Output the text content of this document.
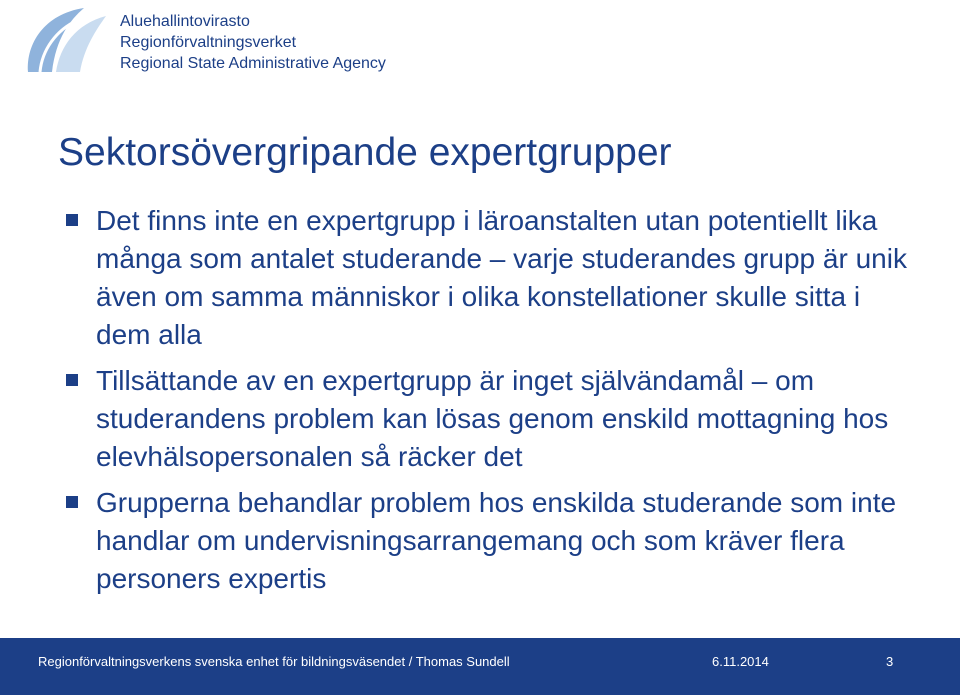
Aluehallintovirasto
Regionförvaltningsverket
Regional State Administrative Agency
Sektorsövergripande expertgrupper
Det finns inte en expertgrupp i läroanstalten utan potentiellt lika många som antalet studerande – varje studerandes grupp är unik även om samma människor i olika konstellationer skulle sitta i dem alla
Tillsättande av en expertgrupp är inget självändamål – om studerandens problem kan lösas genom enskild mottagning hos elevhälsopersonalen så räcker det
Grupperna behandlar problem hos enskilda studerande som inte handlar om undervisningsarrangemang och som kräver flera personers expertis
Regionförvaltningsverkens svenska enhet för bildningsväsendet / Thomas Sundell	6.11.2014	3
